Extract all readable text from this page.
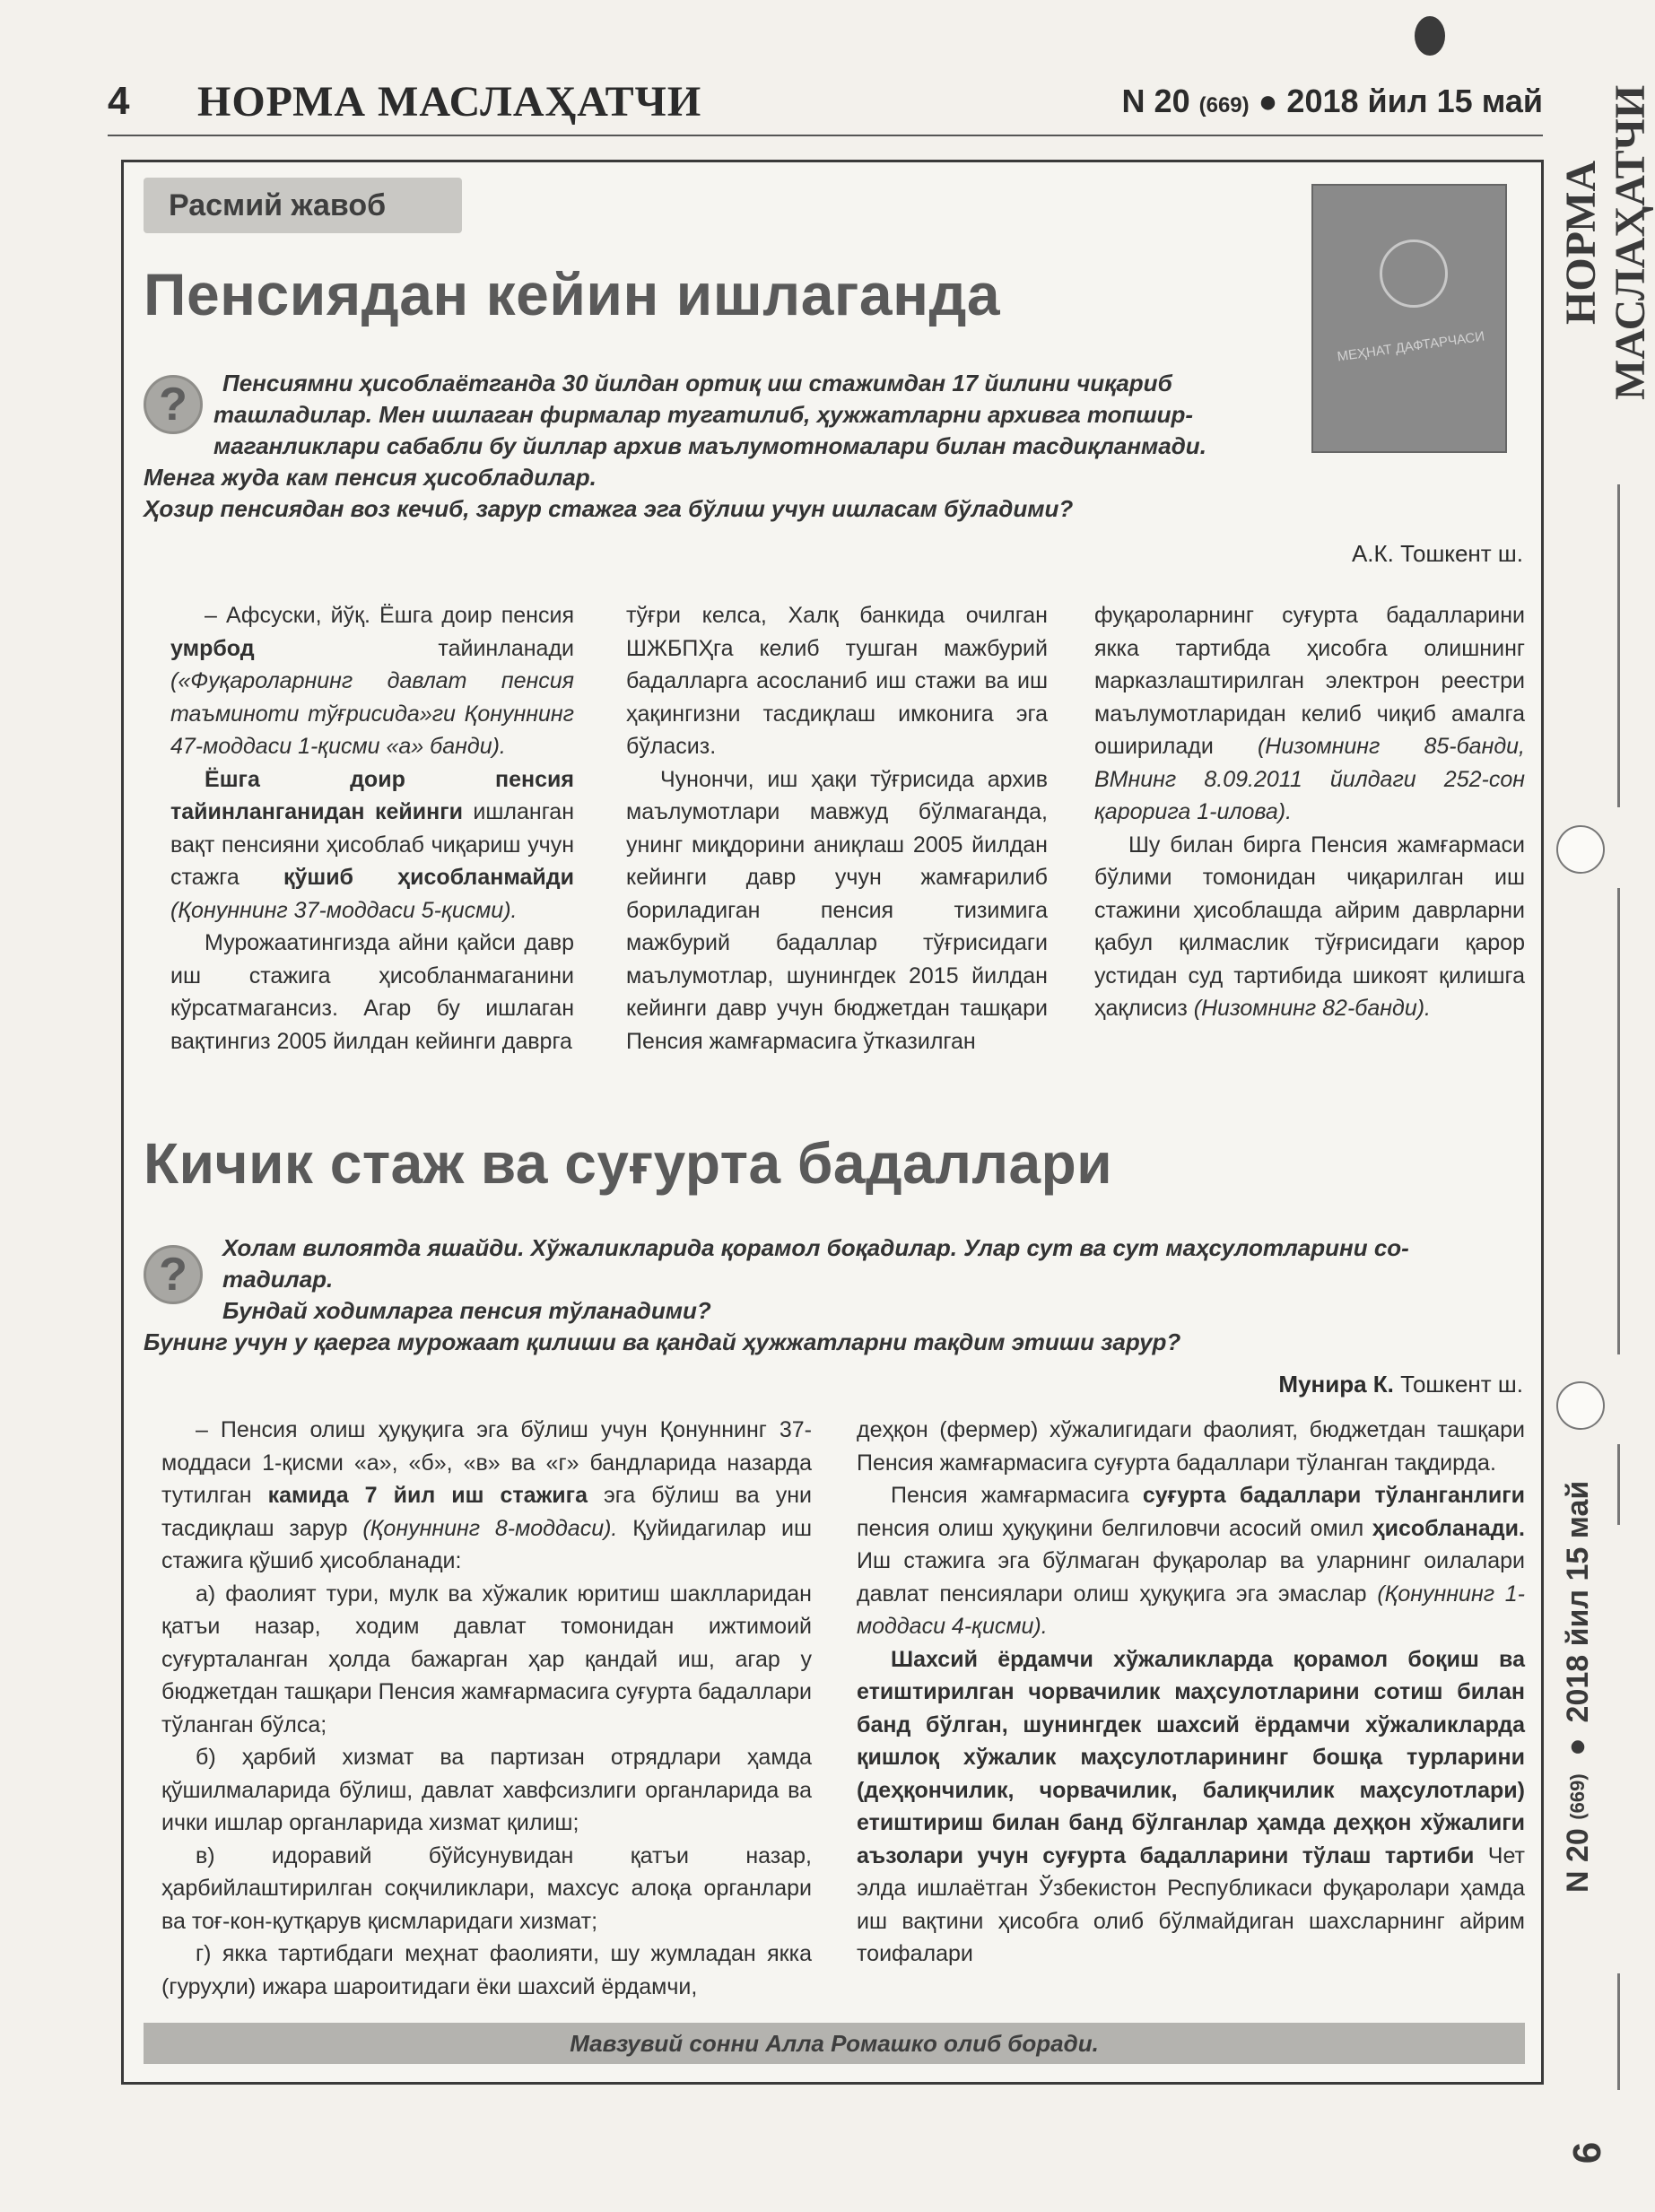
4 НОРМА МАСЛАҲАТЧИ	N 20 (669) ● 2018 йил 15 май
НОРМА МАСЛАҲАТЧИ
N 20 (669) ● 2018 йил 15 май
6
Расмий жавоб
МЕҲНАТ ДАФТАРЧАСИ
Пенсиядан кейин ишлаганда
?	Пенсиямни ҳисоблаётганда 30 йилдан ортиқ иш стажимдан 17 йилини чиқариб

ташладилар. Мен ишлаган фирмалар тугатилиб, ҳужжатларни архивга топшир-

маганликлари сабабли бу йиллар архив маълумотномалари билан тасдиқланмади.

Менга жуда кам пенсия ҳисобладилар.

Ҳозир пенсиядан воз кечиб, зарур стажга эга бўлиш учун ишласам бўладими?

А.К. Тошкент ш.

– Афсуски, йўқ. Ёшга доир пенсия умрбод тайинланади («Фуқароларнинг давлат пенсия таъминоти тўғрисида»ги Қонуннинг 47-моддаси 1-қисми «а» банди).

Ёшга доир пенсия тайинланганидан кейинги ишланган вақт пенсияни ҳисоблаб чиқариш учун стажга қўшиб ҳисобланмайди (Қонуннинг 37-моддаси 5-қисми).

Мурожаатингизда айни қайси давр иш стажига ҳисобланмаганини кўрсатмагансиз. Агар бу ишлаган вақтингиз 2005 йилдан кейинги даврга

тўғри келса, Халқ банкида очилган ШЖБПҲга келиб тушган мажбурий бадалларга асосланиб иш стажи ва иш ҳақингизни тасдиқлаш имконига эга бўласиз.

Чунончи, иш ҳақи тўғрисида архив маълумотлари мавжуд бўлмаганда, унинг миқдорини аниқлаш 2005 йилдан кейинги давр учун жамғарилиб бориладиган пенсия тизимига мажбурий бадаллар тўғрисидаги маълумотлар, шунингдек 2015 йилдан кейинги давр учун бюджетдан ташқари Пенсия жамғармасига ўтказилган

фуқароларнинг суғурта бадалларини якка тартибда ҳисобга олишнинг марказлаштирилган электрон реестри маълумотларидан келиб чиқиб амалга оширилади (Низомнинг 85-банди, ВМнинг 8.09.2011 йилдаги 252-сон қарорига 1-илова).

Шу билан бирга Пенсия жамғармаси бўлими томонидан чиқарилган иш стажини ҳисоблашда айрим даврларни қабул қилмаслик тўғрисидаги қарор устидан суд тартибида шикоят қилишга ҳақлисиз (Низомнинг 82-банди).

Кичик стаж ва суғурта бадаллари
?

Холам вилоятда яшайди. Хўжаликларида қорамол боқадилар. Улар сут ва сут маҳсулотларини со-

тадилар.

Бундай ходимларга пенсия тўланадими?

Бунинг учун у қаерга мурожаат қилиши ва қандай ҳужжатларни тақдим этиши зарур?

Мунира К. Тошкент ш.

– Пенсия олиш ҳуқуқига эга бўлиш учун Қонуннинг 37-моддаси 1-қисми «а», «б», «в» ва «г» бандларида назарда тутилган камида 7 йил иш стажига эга бўлиш ва уни тасдиқлаш зарур (Қонуннинг 8-моддаси). Қуйидагилар иш стажига қўшиб ҳисобланади:

а) фаолият тури, мулк ва хўжалик юритиш шаклларидан қатъи назар, ходим давлат томонидан ижтимоий суғурталанган ҳолда бажарган ҳар қандай иш, агар у бюджетдан ташқари Пенсия жамғармасига суғурта бадаллари тўланган бўлса;

б) ҳарбий хизмат ва партизан отрядлари ҳамда қўшилмаларида бўлиш, давлат хавфсизлиги органларида ва ички ишлар органларида хизмат қилиш;

в) идоравий бўйсунувидан қатъи назар, ҳарбийлаштирилган соқчиликлари, махсус алоқа органлари ва тоғ-кон-қутқарув қисмларидаги хизмат;

г) якка тартибдаги меҳнат фаолияти, шу жумладан якка (гуруҳли) ижара шароитидаги ёки шахсий ёрдамчи,

деҳқон (фермер) хўжалигидаги фаолият, бюджетдан ташқари Пенсия жамғармасига суғурта бадаллари тўланган тақдирда.

Пенсия жамғармасига суғурта бадаллари тўланганлиги пенсия олиш ҳуқуқини белгиловчи асосий омил ҳисобланади. Иш стажига эга бўлмаган фуқаролар ва уларнинг оилалари давлат пенсиялари олиш ҳуқуқига эга эмаслар (Қонуннинг 1-моддаси 4-қисми).

Шахсий ёрдамчи хўжаликларда қорамол боқиш ва етиштирилган чорвачилик маҳсулотларини сотиш билан банд бўлган, шунингдек шахсий ёрдамчи хўжаликларда қишлоқ хўжалик маҳсулотларининг бошқа турларини (деҳқончилик, чорвачилик, балиқчилик маҳсулотлари) етиштириш билан банд бўлганлар ҳамда деҳқон хўжалиги аъзолари учун суғурта бадалларини тўлаш тартиби Чет элда ишлаётган Ўзбекистон Республикаси фуқаролари ҳамда иш вақтини ҳисобга олиб бўлмайдиган шахсларнинг айрим тоифалари

Мавзувий сонни Алла Ромашко олиб боради.
